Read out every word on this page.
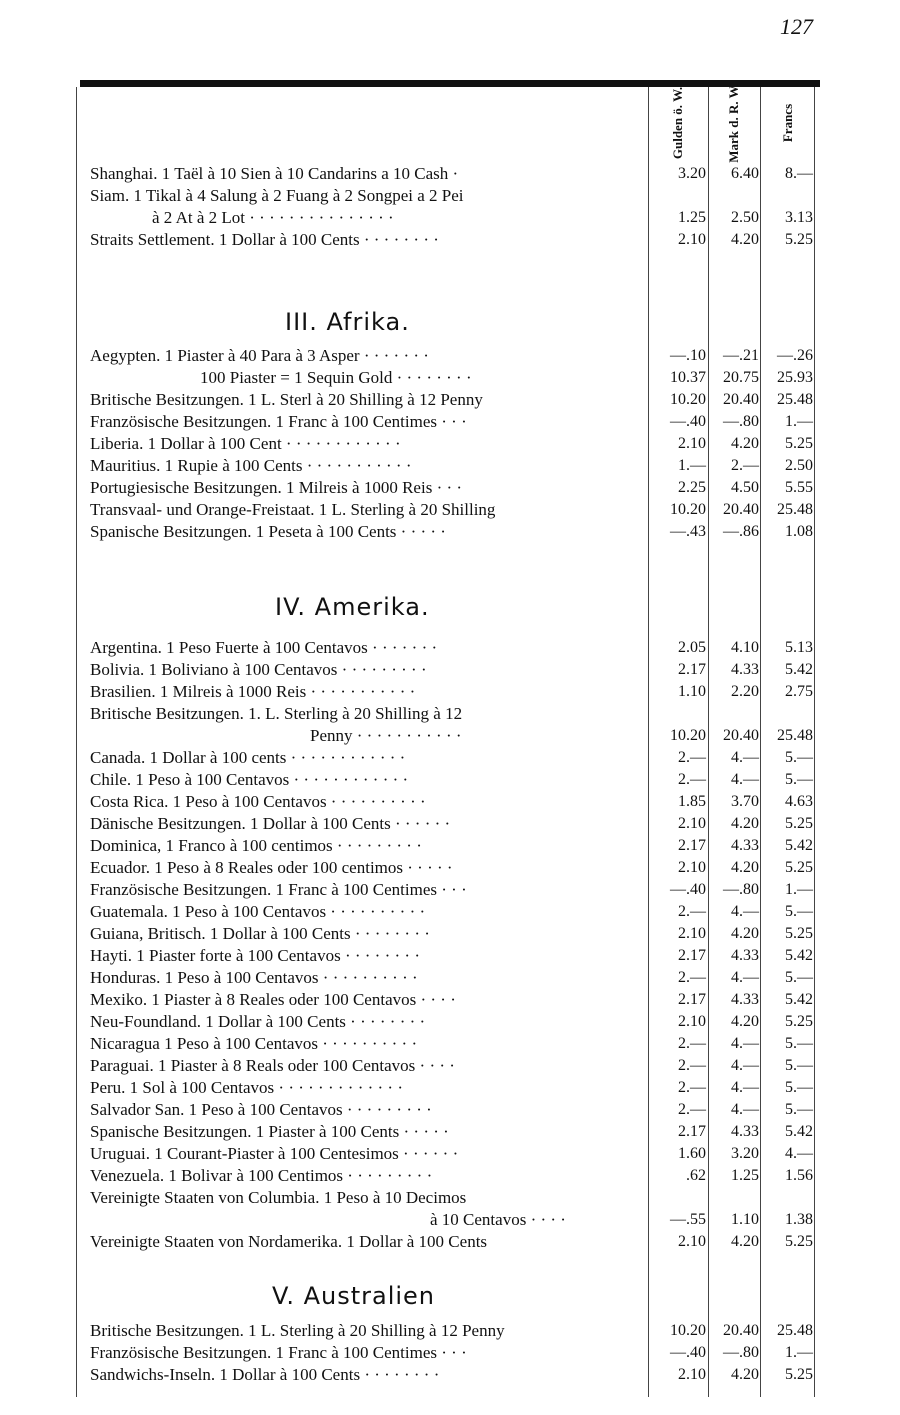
127
Gulden ö. W.	Mark d. R. W.	Francs
III. Afrika.
IV. Amerika.
V. Australien
Shanghai. 1 Taël à 10 Sien à 10 Candarins a 10 Cash ·	3.20	6.40	8.—
Siam. 1 Tikal à 4 Salung à 2 Fuang à 2 Songpei a 2 Pei
à 2 At à 2 Lot · · · · · · · · · · · · · · ·	1.25	2.50	3.13
Straits Settlement. 1 Dollar à 100 Cents · · · · · · · ·	2.10	4.20	5.25
Aegypten. 1 Piaster à 40 Para à 3 Asper · · · · · · ·	—.10	—.21	—.26
100 Piaster = 1 Sequin Gold · · · · · · · ·	10.37	20.75	25.93
Britische Besitzungen. 1 L. Sterl à 20 Shilling à 12 Penny	10.20	20.40	25.48
Französische Besitzungen. 1 Franc à 100 Centimes · · ·	—.40	—.80	1.—
Liberia. 1 Dollar à 100 Cent · · · · · · · · · · · ·	2.10	4.20	5.25
Mauritius. 1 Rupie à 100 Cents · · · · · · · · · · ·	1.—	2.—	2.50
Portugiesische Besitzungen. 1 Milreis à 1000 Reis · · ·	2.25	4.50	5.55
Transvaal- und Orange-Freistaat. 1 L. Sterling à 20 Shilling	10.20	20.40	25.48
Spanische Besitzungen. 1 Peseta à 100 Cents · · · · ·	—.43	—.86	1.08
Argentina. 1 Peso Fuerte à 100 Centavos · · · · · · ·	2.05	4.10	5.13
Bolivia. 1 Boliviano à 100 Centavos · · · · · · · · ·	2.17	4.33	5.42
Brasilien. 1 Milreis à 1000 Reis · · · · · · · · · · ·	1.10	2.20	2.75
Britische Besitzungen. 1. L. Sterling à 20 Shilling à 12
Penny · · · · · · · · · · ·	10.20	20.40	25.48
Canada. 1 Dollar à 100 cents · · · · · · · · · · · ·	2.—	4.—	5.—
Chile. 1 Peso à 100 Centavos · · · · · · · · · · · ·	2.—	4.—	5.—
Costa Rica. 1 Peso à 100 Centavos · · · · · · · · · ·	1.85	3.70	4.63
Dänische Besitzungen. 1 Dollar à 100 Cents · · · · · ·	2.10	4.20	5.25
Dominica, 1 Franco à 100 centimos · · · · · · · · ·	2.17	4.33	5.42
Ecuador. 1 Peso à 8 Reales oder 100 centimos · · · · ·	2.10	4.20	5.25
Französische Besitzungen. 1 Franc à 100 Centimes · · ·	—.40	—.80	1.—
Guatemala. 1 Peso à 100 Centavos · · · · · · · · · ·	2.—	4.—	5.—
Guiana, Britisch. 1 Dollar à 100 Cents · · · · · · · ·	2.10	4.20	5.25
Hayti. 1 Piaster forte à 100 Centavos · · · · · · · ·	2.17	4.33	5.42
Honduras. 1 Peso à 100 Centavos · · · · · · · · · ·	2.—	4.—	5.—
Mexiko. 1 Piaster à 8 Reales oder 100 Centavos · · · ·	2.17	4.33	5.42
Neu-Foundland. 1 Dollar à 100 Cents · · · · · · · ·	2.10	4.20	5.25
Nicaragua 1 Peso à 100 Centavos · · · · · · · · · ·	2.—	4.—	5.—
Paraguai. 1 Piaster à 8 Reals oder 100 Centavos · · · ·	2.—	4.—	5.—
Peru. 1 Sol à 100 Centavos · · · · · · · · · · · · ·	2.—	4.—	5.—
Salvador San. 1 Peso à 100 Centavos · · · · · · · · ·	2.—	4.—	5.—
Spanische Besitzungen. 1 Piaster à 100 Cents · · · · ·	2.17	4.33	5.42
Uruguai. 1 Courant-Piaster à 100 Centesimos · · · · · ·	1.60	3.20	4.—
Venezuela. 1 Bolivar à 100 Centimos · · · · · · · · ·	.62	1.25	1.56
Vereinigte Staaten von Columbia. 1 Peso à 10 Decimos
à 10 Centavos · · · ·	—.55	1.10	1.38
Vereinigte Staaten von Nordamerika. 1 Dollar à 100 Cents	2.10	4.20	5.25
Britische Besitzungen. 1 L. Sterling à 20 Shilling à 12 Penny	10.20	20.40	25.48
Französische Besitzungen. 1 Franc à 100 Centimes · · ·	—.40	—.80	1.—
Sandwichs-Inseln. 1 Dollar à 100 Cents · · · · · · · ·	2.10	4.20	5.25
